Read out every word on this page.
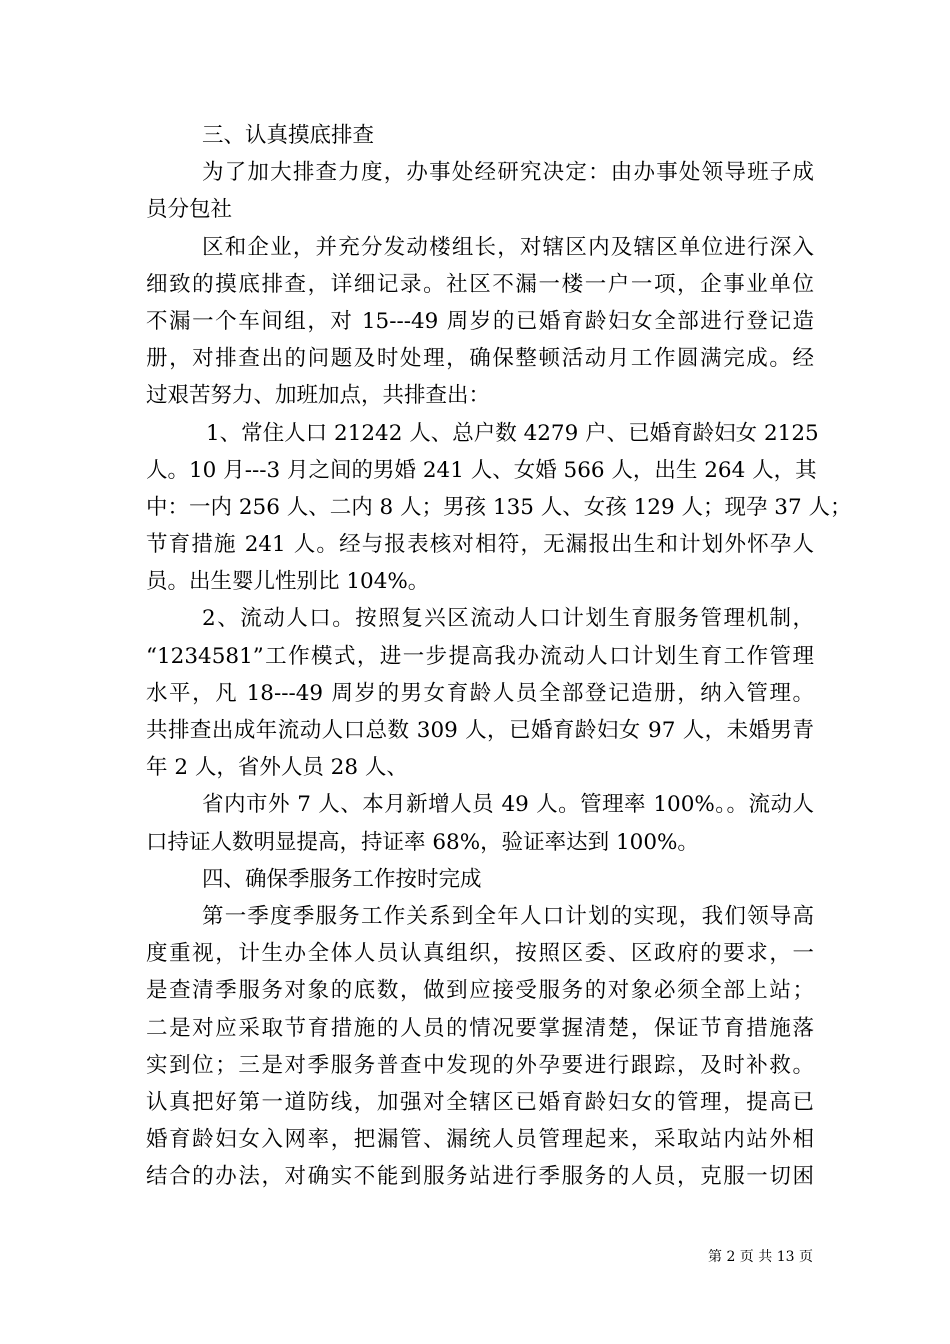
三、认真摸底排查
为了加大排查力度，办事处经研究决定：由办事处领导班子成
员分包社
区和企业，并充分发动楼组长，对辖区内及辖区单位进行深入
细致的摸底排查，详细记录。社区不漏一楼一户一项，企事业单位
不漏一个车间组，对 15---49 周岁的已婚育龄妇女全部进行登记造
册，对排查出的问题及时处理，确保整顿活动月工作圆满完成。经
过艰苦努力、加班加点，共排查出：
1、常住人口 21242 人、总户数 4279 户、已婚育龄妇女 2125
人。10 月---3 月之间的男婚 241 人、女婚 566 人，出生 264 人，其
中：一内 256 人、二内 8 人；男孩 135 人、女孩 129 人；现孕 37 人；
节育措施 241 人。经与报表核对相符，无漏报出生和计划外怀孕人
员。出生婴儿性别比 104%。
2、流动人口。按照复兴区流动人口计划生育服务管理机制，
“1234581”工作模式，进一步提高我办流动人口计划生育工作管理
水平，凡 18---49 周岁的男女育龄人员全部登记造册，纳入管理。
共排查出成年流动人口总数 309 人，已婚育龄妇女 97 人，未婚男青
年 2 人，省外人员 28 人、
省内市外 7 人、本月新增人员 49 人。管理率 100%。。流动人
口持证人数明显提高，持证率 68%，验证率达到 100%。
四、确保季服务工作按时完成
第一季度季服务工作关系到全年人口计划的实现，我们领导高
度重视，计生办全体人员认真组织，按照区委、区政府的要求，一
是查清季服务对象的底数，做到应接受服务的对象必须全部上站；
二是对应采取节育措施的人员的情况要掌握清楚，保证节育措施落
实到位；三是对季服务普查中发现的外孕要进行跟踪，及时补救。
认真把好第一道防线，加强对全辖区已婚育龄妇女的管理，提高已
婚育龄妇女入网率，把漏管、漏统人员管理起来，采取站内站外相
结合的办法，对确实不能到服务站进行季服务的人员，克服一切困
第 2 页 共 13 页
